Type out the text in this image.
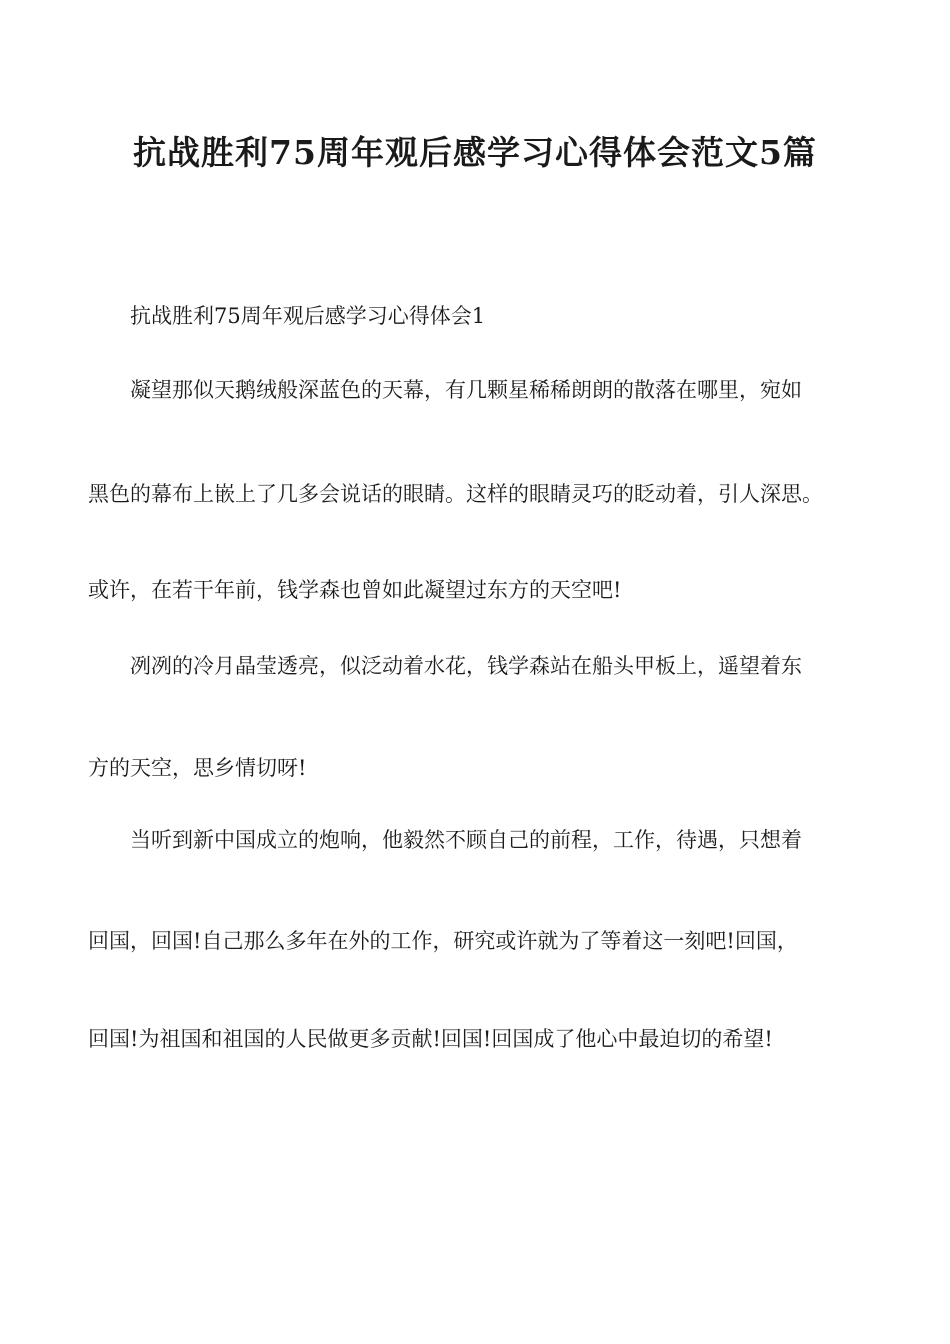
抗战胜利75周年观后感学习心得体会范文5篇

抗战胜利75周年观后感学习心得体会1

凝望那似天鹅绒般深蓝色的天幕，有几颗星稀稀朗朗的散落在哪里，宛如

黑色的幕布上嵌上了几多会说话的眼睛。这样的眼睛灵巧的眨动着，引人深思。

或许，在若干年前，钱学森也曾如此凝望过东方的天空吧!

冽冽的冷月晶莹透亮，似泛动着水花，钱学森站在船头甲板上，遥望着东

方的天空，思乡情切呀!

当听到新中国成立的炮响，他毅然不顾自己的前程，工作，待遇，只想着

回国，回国!自己那么多年在外的工作，研究或许就为了等着这一刻吧!回国，

回国!为祖国和祖国的人民做更多贡献!回国!回国成了他心中最迫切的希望!
